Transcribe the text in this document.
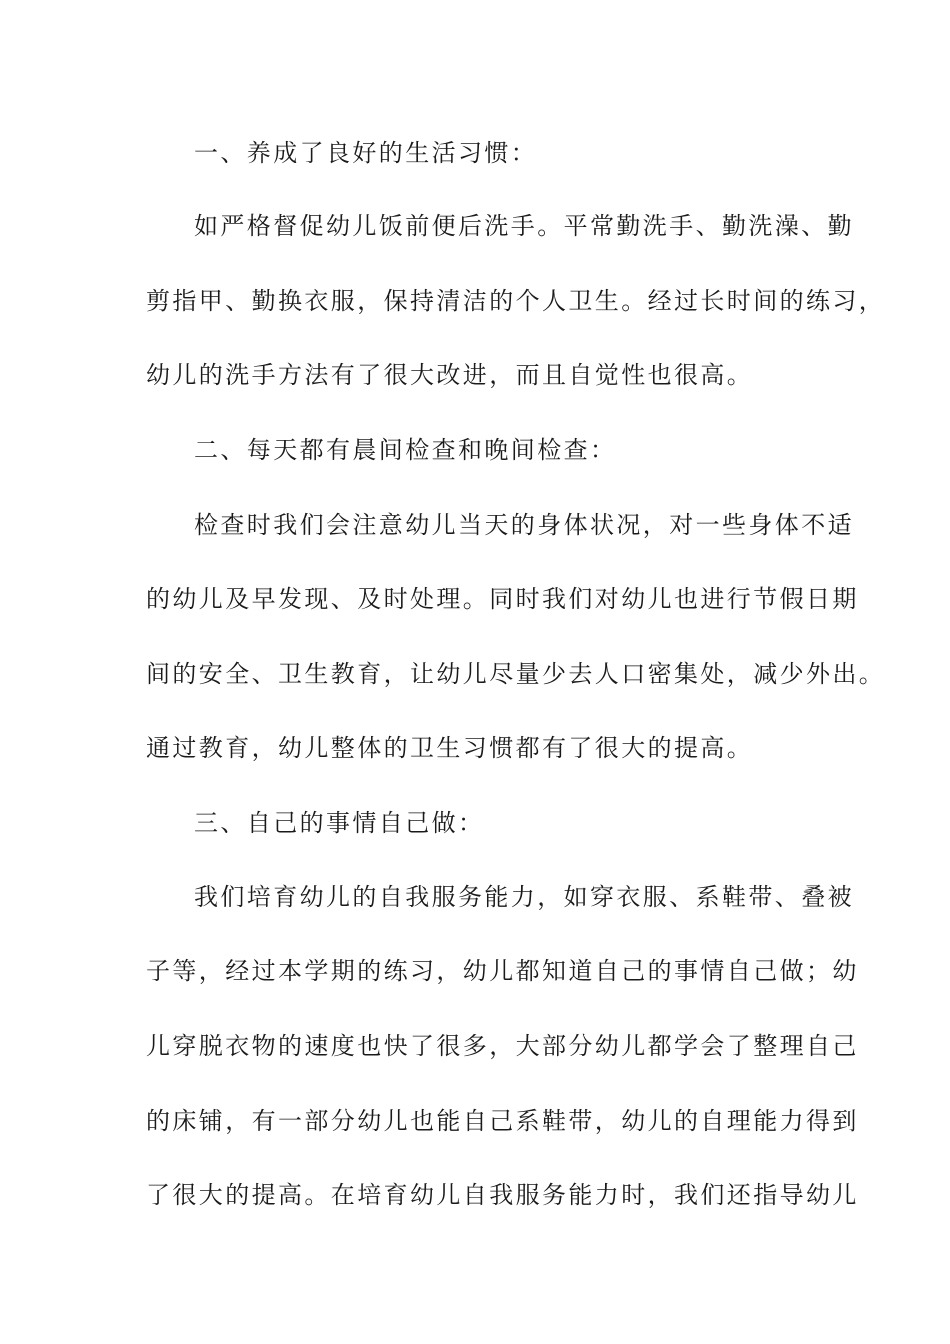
一、养成了良好的生活习惯：
如严格督促幼儿饭前便后洗手。平常勤洗手、勤洗澡、勤
剪指甲、勤换衣服，保持清洁的个人卫生。经过长时间的练习，
幼儿的洗手方法有了很大改进，而且自觉性也很高。
二、每天都有晨间检查和晚间检查：
检查时我们会注意幼儿当天的身体状况，对一些身体不适
的幼儿及早发现、及时处理。同时我们对幼儿也进行节假日期
间的安全、卫生教育，让幼儿尽量少去人口密集处，减少外出。
通过教育，幼儿整体的卫生习惯都有了很大的提高。
三、自己的事情自己做：
我们培育幼儿的自我服务能力，如穿衣服、系鞋带、叠被
子等，经过本学期的练习，幼儿都知道自己的事情自己做；幼
儿穿脱衣物的速度也快了很多，大部分幼儿都学会了整理自己
的床铺，有一部分幼儿也能自己系鞋带，幼儿的自理能力得到
了很大的提高。在培育幼儿自我服务能力时，我们还指导幼儿
